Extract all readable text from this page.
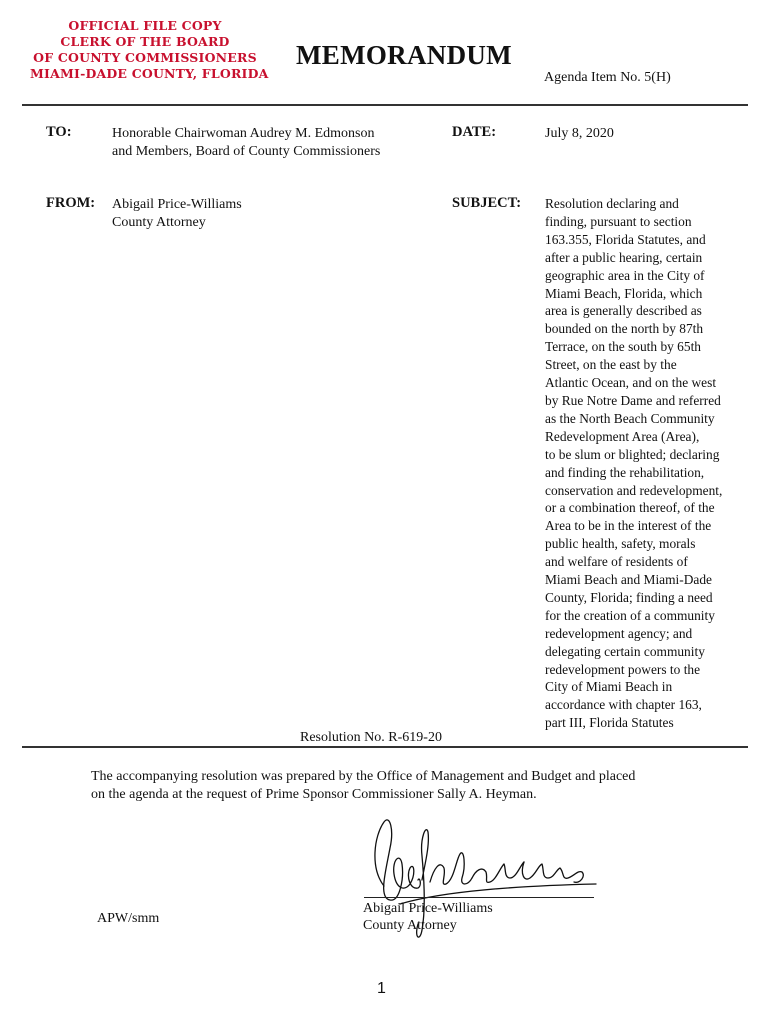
OFFICIAL FILE COPY
CLERK OF THE BOARD
OF COUNTY COMMISSIONERS
MIAMI-DADE COUNTY, FLORIDA
MEMORANDUM
Agenda Item No. 5(H)
TO:	Honorable Chairwoman Audrey M. Edmonson
and Members, Board of County Commissioners
DATE:	July 8, 2020
FROM: Abigail Price-Williams
County Attorney
SUBJECT: Resolution declaring and
finding, pursuant to section
163.355, Florida Statutes, and
after a public hearing, certain
geographic area in the City of
Miami Beach, Florida, which
area is generally described as
bounded on the north by 87th
Terrace, on the south by 65th
Street, on the east by the
Atlantic Ocean, and on the west
by Rue Notre Dame and referred
as the North Beach Community
Redevelopment Area (Area),
to be slum or blighted; declaring
and finding the rehabilitation,
conservation and redevelopment,
or a combination thereof, of the
Area to be in the interest of the
public health, safety, morals
and welfare of residents of
Miami Beach and Miami-Dade
County, Florida; finding a need
for the creation of a community
redevelopment agency; and
delegating certain community
redevelopment powers to the
City of Miami Beach in
accordance with chapter 163,
part III, Florida Statutes
Resolution No. R-619-20
The accompanying resolution was prepared by the Office of Management and Budget and placed
on the agenda at the request of Prime Sponsor Commissioner Sally A. Heyman.
Abigail Price-Williams
County Attorney
APW/smm
1
